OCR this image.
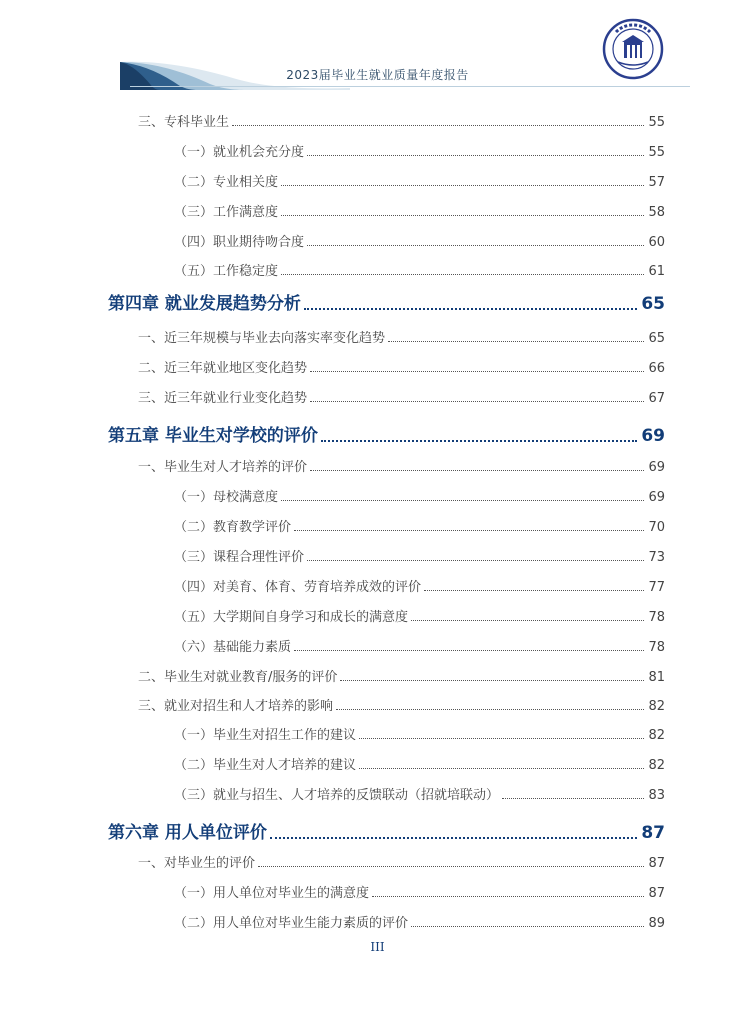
2023届毕业生就业质量年度报告
三、专科毕业生	55
（一）就业机会充分度	55
（二）专业相关度	57
（三）工作满意度	58
（四）职业期待吻合度	60
（五）工作稳定度	61
第四章 就业发展趋势分析	65
一、近三年规模与毕业去向落实率变化趋势	65
二、近三年就业地区变化趋势	66
三、近三年就业行业变化趋势	67
第五章 毕业生对学校的评价	69
一、毕业生对人才培养的评价	69
（一）母校满意度	69
（二）教育教学评价	70
（三）课程合理性评价	73
（四）对美育、体育、劳育培养成效的评价	77
（五）大学期间自身学习和成长的满意度	78
（六）基础能力素质	78
二、毕业生对就业教育/服务的评价	81
三、就业对招生和人才培养的影响	82
（一）毕业生对招生工作的建议	82
（二）毕业生对人才培养的建议	82
（三）就业与招生、人才培养的反馈联动（招就培联动）	83
第六章 用人单位评价	87
一、对毕业生的评价	87
（一）用人单位对毕业生的满意度	87
（二）用人单位对毕业生能力素质的评价	89
III
